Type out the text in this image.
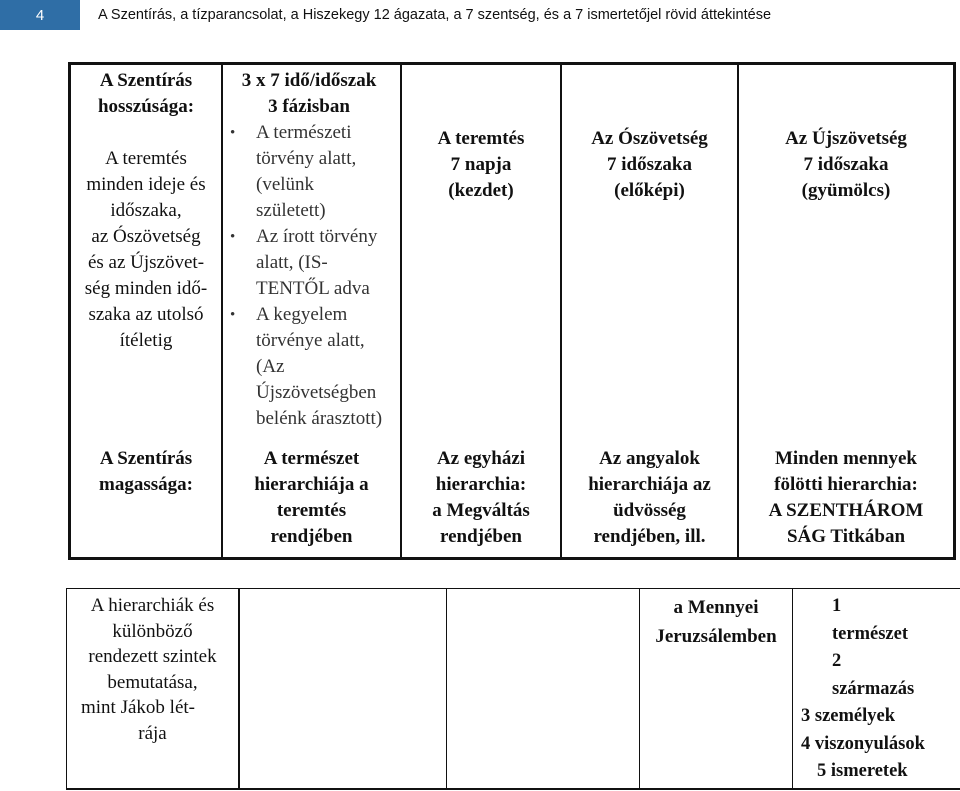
4	A Szentírás, a tízparancsolat, a Hiszekegy 12 ágazata, a 7 szentség, és a 7 ismertetőjel rövid áttekintése
A Szentírás
hosszúsága:
A teremtés
minden ideje és
időszaka,
az Ószövetség
és az Újszövet-
ség minden idő-
szaka az utolsó
ítéletig
3 x 7 idő/időszak
3 fázisban
• A természeti
törvény alatt,
(velünk
született)
• Az írott törvény
alatt, (IS-
TENTŐL adva
• A kegyelem
törvénye alatt,
(Az
Újszövetségben
belénk árasztott)
A teremtés
7 napja
(kezdet)
Az Ószövetség
7 időszaka
(előképi)
Az Újszövetség
7 időszaka
(gyümölcs)
A Szentírás
magassága:
A természet
hierarchiája a
teremtés
rendjében
Az egyházi
hierarchia:
a Megváltás
rendjében
Az angyalok
hierarchiája az
üdvösség
rendjében, ill.
Minden mennyek
fölötti hierarchia:
A SZENTHÁROM
SÁG Titkában
A hierarchiák és
különböző
rendezett szintek
bemutatása,
mint Jákob lét-
rája
a Mennyei
Jeruzsálemben
1
természet
2
származás
3 személyek
4 viszonyulások
5 ismeretek
